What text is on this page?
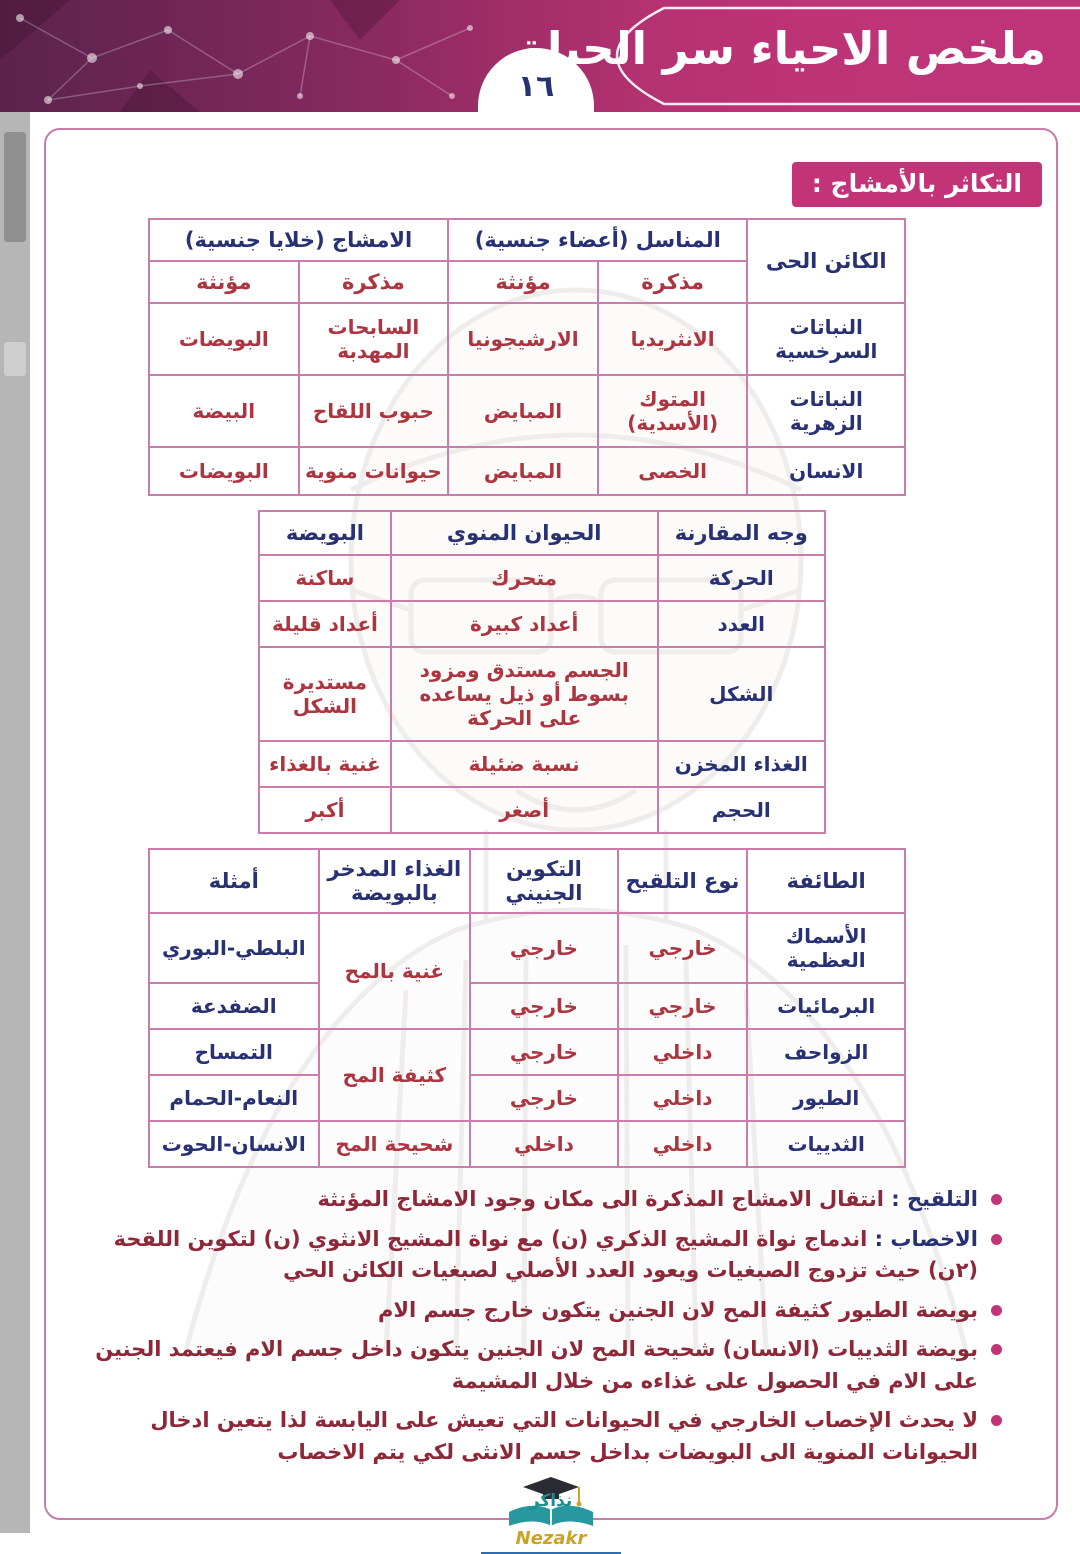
١٦
ملخص الاحياء سر الحياة
التكاثر بالأمشاج :
الكائن الحى	المناسل (أعضاء جنسية)		الامشاج (خلايا جنسية)	
	مذكرة	مؤنثة	مذكرة	مؤنثة
النباتات السرخسية	الانثريديا	الارشيجونيا	السابحات المهدبة	البويضات
النباتات الزهرية	المتوك (الأسدية)	المبايض	حبوب اللقاح	البيضة
الانسان	الخصى	المبايض	حيوانات منوية	البويضات
وجه المقارنة	الحيوان المنوي	البويضة
الحركة	متحرك	ساكنة
العدد	أعداد كبيرة	أعداد قليلة
الشكل	الجسم مستدق ومزود بسوط أو ذيل يساعده على الحركة	مستديرة الشكل
الغذاء المخزن	نسبة ضئيلة	غنية بالغذاء
الحجم	أصغر	أكبر
الطائفة	نوع التلقيح	التكوين الجنيني	الغذاء المدخر بالبويضة	أمثلة
الأسماك العظمية	خارجي	خارجي	غنية بالمح	البلطي-البوري
البرمائيات	خارجي	خارجي		الضفدعة
الزواحف	داخلي	خارجي	كثيفة المح	التمساح
الطيور	داخلي	خارجي		النعام-الحمام
الثدييات	داخلي	داخلي	شحيحة المح	الانسان-الحوت
التلقيح : انتقال الامشاج المذكرة الى مكان وجود الامشاج المؤنثة
الاخصاب : اندماج نواة المشيج الذكري (ن) مع نواة المشيج الانثوي (ن) لتكوين اللقحة (٢ن) حيث تزدوج الصبغيات ويعود العدد الأصلي لصبغيات الكائن الحي
بويضة الطيور كثيفة المح لان الجنين يتكون خارج جسم الام
بويضة الثدييات (الانسان) شحيحة المح لان الجنين يتكون داخل جسم الام فيعتمد الجنين على الام في الحصول على غذاءه من خلال المشيمة
لا يحدث الإخصاب الخارجي في الحيوانات التي تعيش على اليابسة لذا يتعين ادخال الحيوانات المنوية الى البويضات بداخل جسم الانثى لكي يتم الاخصاب
نذاكر
Nezakr
